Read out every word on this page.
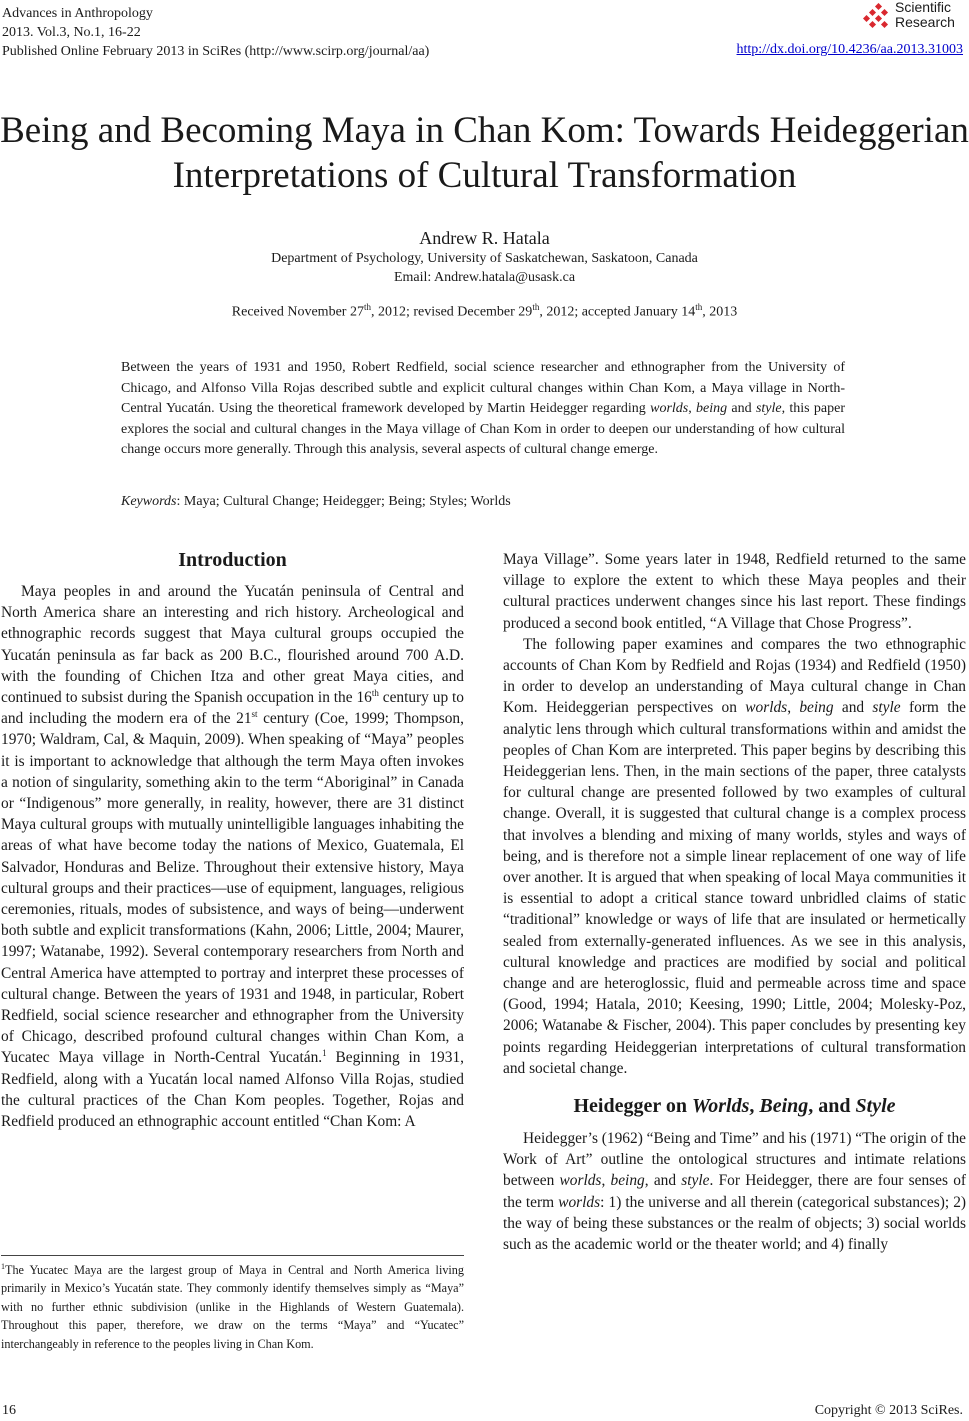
Advances in Anthropology
2013. Vol.3, No.1, 16-22
Published Online February 2013 in SciRes (http://www.scirp.org/journal/aa)
Scientific
Research
http://dx.doi.org/10.4236/aa.2013.31003
Being and Becoming Maya in Chan Kom: Towards Heideggerian
Interpretations of Cultural Transformation
Andrew R. Hatala
Department of Psychology, University of Saskatchewan, Saskatoon, Canada
Email: Andrew.hatala@usask.ca
Received November 27th, 2012; revised December 29th, 2012; accepted January 14th, 2013
Between the years of 1931 and 1950, Robert Redfield, social science researcher and ethnographer from the University of Chicago, and Alfonso Villa Rojas described subtle and explicit cultural changes within Chan Kom, a Maya village in North-Central Yucatán. Using the theoretical framework developed by Martin Heidegger regarding worlds, being and style, this paper explores the social and cultural changes in the Maya village of Chan Kom in order to deepen our understanding of how cultural change occurs more generally. Through this analysis, several aspects of cultural change emerge.
Keywords: Maya; Cultural Change; Heidegger; Being; Styles; Worlds
Introduction

Maya peoples in and around the Yucatán peninsula of Central and North America share an interesting and rich history. Archeological and ethnographic records suggest that Maya cultural groups occupied the Yucatán peninsula as far back as 200 B.C., flourished around 700 A.D. with the founding of Chichen Itza and other great Maya cities, and continued to subsist during the Spanish occupation in the 16th century up to and including the modern era of the 21st century (Coe, 1999; Thompson, 1970; Waldram, Cal, & Maquin, 2009). When speaking of “Maya” peoples it is important to acknowledge that although the term Maya often invokes a notion of singularity, something akin to the term “Aboriginal” in Canada or “Indigenous” more generally, in reality, however, there are 31 distinct Maya cultural groups with mutually unintelligible languages inhabiting the areas of what have become today the nations of Mexico, Guatemala, El Salvador, Honduras and Belize. Throughout their extensive history, Maya cultural groups and their practices—use of equipment, languages, religious ceremonies, rituals, modes of subsistence, and ways of being—underwent both subtle and explicit transformations (Kahn, 2006; Little, 2004; Maurer, 1997; Watanabe, 1992). Several contemporary researchers from North and Central America have attempted to portray and interpret these processes of cultural change. Between the years of 1931 and 1948, in particular, Robert Redfield, social science researcher and ethnographer from the University of Chicago, described profound cultural changes within Chan Kom, a Yucatec Maya village in North-Central Yucatán.$^1$ Beginning in 1931, Redfield, along with a Yucatán local named Alfonso Villa Rojas, studied the cultural practices of the Chan Kom peoples. Together, Rojas and Redfield produced an ethnographic account entitled “Chan Kom: A

Maya Village”. Some years later in 1948, Redfield returned to the same village to explore the extent to which these Maya peoples and their cultural practices underwent changes since his last report. These findings produced a second book entitled, “A Village that Chose Progress”.

The following paper examines and compares the two ethnographic accounts of Chan Kom by Redfield and Rojas (1934) and Redfield (1950) in order to develop an understanding of Maya cultural change in Chan Kom. Heideggerian perspectives on worlds, being and style form the analytic lens through which cultural transformations within and amidst the peoples of Chan Kom are interpreted. This paper begins by describing this Heideggerian lens. Then, in the main sections of the paper, three catalysts for cultural change are presented followed by two examples of cultural change. Overall, it is suggested that cultural change is a complex process that involves a blending and mixing of many worlds, styles and ways of being, and is therefore not a simple linear replacement of one way of life over another. It is argued that when speaking of local Maya communities it is essential to adopt a critical stance toward unbridled claims of static “traditional” knowledge or ways of life that are insulated or hermetically sealed from externally-generated influences. As we see in this analysis, cultural knowledge and practices are modified by social and political change and are heteroglossic, fluid and permeable across time and space (Good, 1994; Hatala, 2010; Keesing, 1990; Little, 2004; Molesky-Poz, 2006; Watanabe & Fischer, 2004). This paper concludes by presenting key points regarding Heideggerian interpretations of cultural transformation and societal change.

Heidegger on Worlds, Being, and Style

Heidegger’s (1962) “Being and Time” and his (1971) “The origin of the Work of Art” outline the ontological structures and intimate relations between worlds, being, and style. For Heidegger, there are four senses of the term worlds: 1) the universe and all therein (categorical substances); 2) the way of being these substances or the realm of objects; 3) social worlds such as the academic world or the theater world; and 4) finally

$^1$The Yucatec Maya are the largest group of Maya in Central and North America living primarily in Mexico’s Yucatán state. They commonly identify themselves simply as “Maya” with no further ethnic subdivision (unlike in the Highlands of Western Guatemala). Throughout this paper, therefore, we draw on the terms “Maya” and “Yucatec” interchangeably in reference to the peoples living in Chan Kom.
16	Copyright © 2013 SciRes.
